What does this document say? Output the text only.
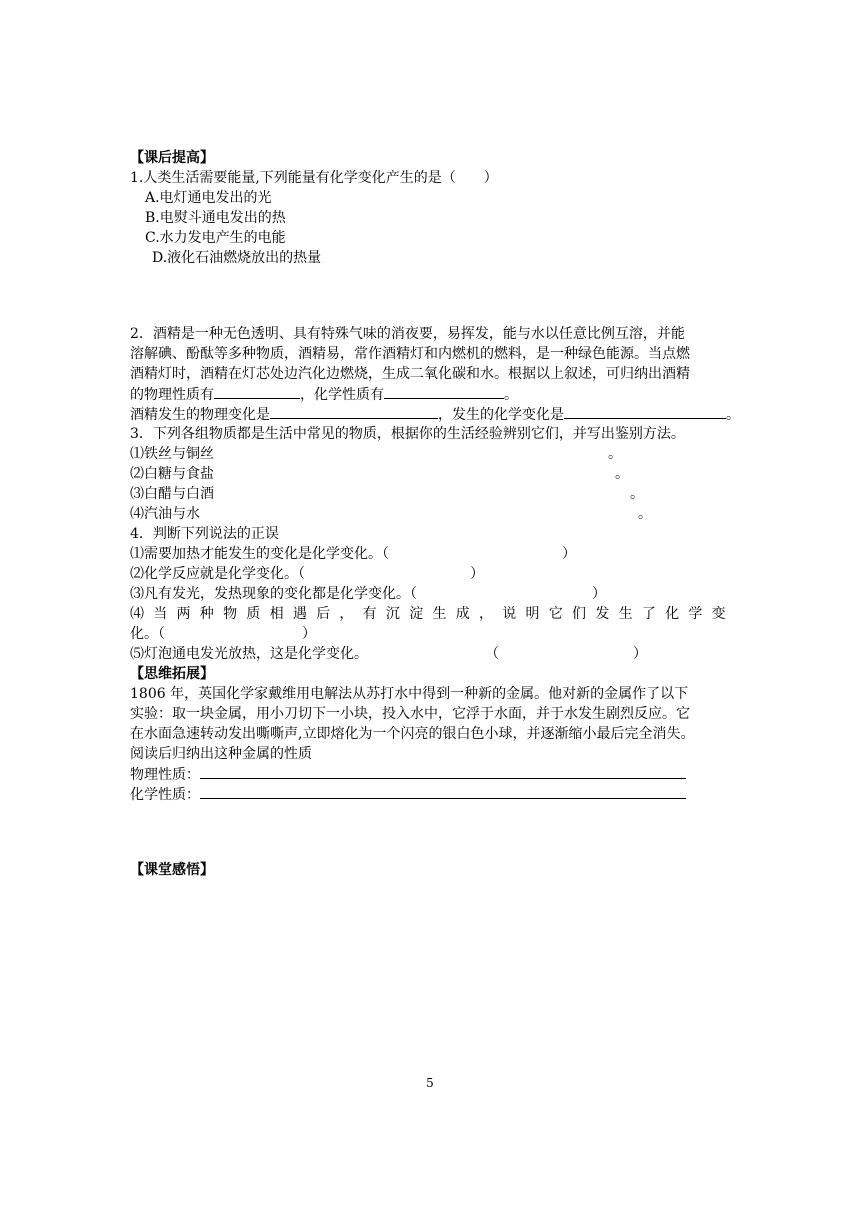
【课后提高】
1.人类生活需要能量,下列能量有化学变化产生的是（　　）
A.电灯通电发出的光
B.电熨斗通电发出的热
C.水力发电产生的电能
D.液化石油燃烧放出的热量
2．酒精是一种无色透明、具有特殊气味的消夜要，易挥发，能与水以任意比例互溶，并能
溶解碘、酚酞等多种物质，酒精易，常作酒精灯和内燃机的燃料，是一种绿色能源。当点燃
酒精灯时，酒精在灯芯处边汽化边燃烧，生成二氧化碳和水。根据以上叙述，可归纳出酒精
的物理性质有	，化学性质有	。
酒精发生的物理变化是	，发生的化学变化是	。
3．下列各组物质都是生活中常见的物质，根据你的生活经验辨别它们，并写出鉴别方法。
⑴铁丝与铜丝	。
⑵白糖与食盐	。
⑶白醋与白酒	。
⑷汽油与水	。
4．判断下列说法的正误
⑴需要加热才能发生的变化是化学变化。（	）
⑵化学反应就是化学变化。（	）
⑶凡有发光，发热现象的变化都是化学变化。（	）
⑷ 当 两 种 物 质 相 遇 后 ， 有 沉 淀 生 成 ， 说 明 它 们 发 生 了 化 学 变
化。（	）
⑸灯泡通电发光放热，这是化学变化。	（	）
【思维拓展】
1806 年，英国化学家戴维用电解法从苏打水中得到一种新的金属。他对新的金属作了以下
实验：取一块金属，用小刀切下一小块，投入水中，它浮于水面，并于水发生剧烈反应。它
在水面急速转动发出嘶嘶声,立即熔化为一个闪亮的银白色小球，并逐渐缩小最后完全消失。
阅读后归纳出这种金属的性质
物理性质：
化学性质：
【课堂感悟】
5
